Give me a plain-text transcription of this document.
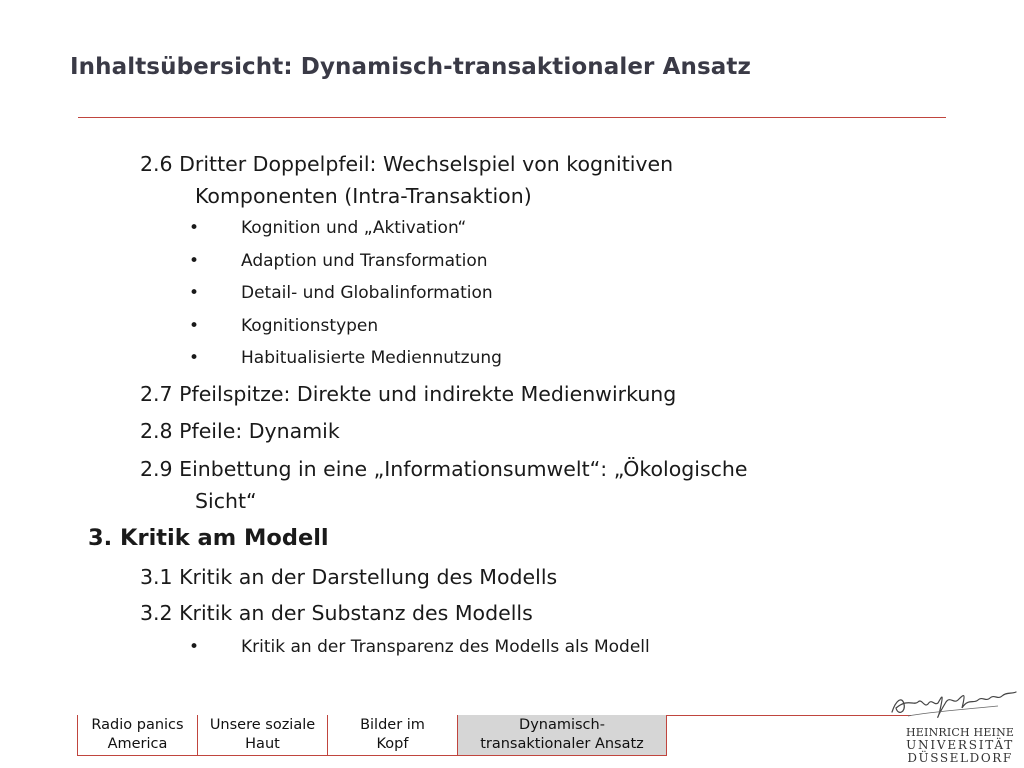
Inhaltsübersicht: Dynamisch-transaktionaler Ansatz

2.6 Dritter Doppelpfeil: Wechselspiel von kognitiven
Komponenten (Intra-Transaktion)

• Kognition und „Aktivation“
• Adaption und Transformation
• Detail- und Globalinformation
• Kognitionstypen
• Habitualisierte Mediennutzung

2.7 Pfeilspitze: Direkte und indirekte Medienwirkung

2.8 Pfeile: Dynamik

2.9 Einbettung in eine „Informationsumwelt“: „Ökologische
Sicht“

3. Kritik am Modell

3.1 Kritik an der Darstellung des Modells

3.2 Kritik an der Substanz des Modells

• Kritik an der Transparenz des Modells als Modell
Radio panics
America
Unsere soziale
Haut
Bilder im
Kopf
Dynamisch-
transaktionaler Ansatz
HEINRICH HEINE
UNIVERSITÄT
DÜSSELDORF
